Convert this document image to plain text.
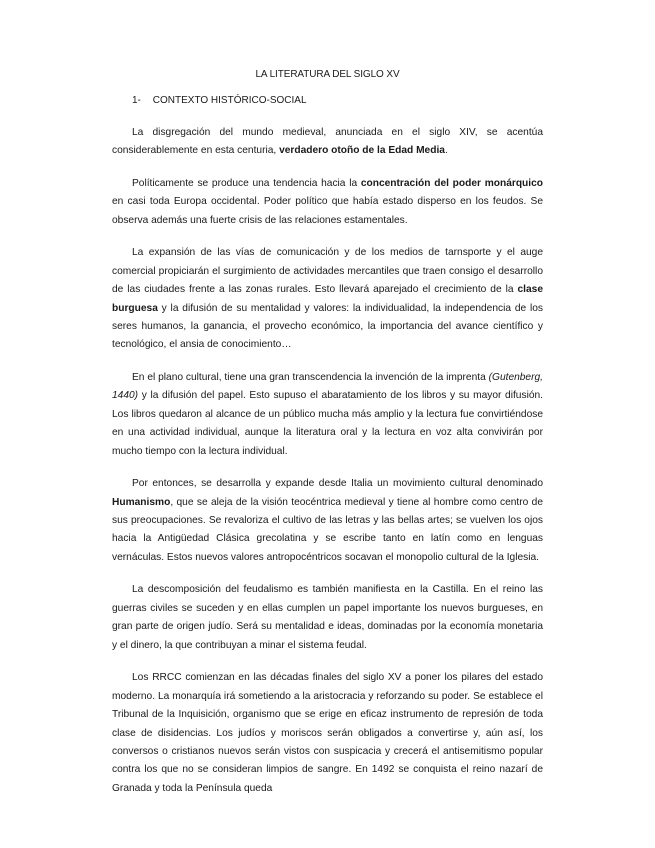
LA LITERATURA DEL SIGLO XV
1- CONTEXTO HISTÓRICO-SOCIAL

La disgregación del mundo medieval, anunciada en el siglo XIV, se acentúa considerablemente en esta centuria, verdadero otoño de la Edad Media.

Políticamente se produce una tendencia hacia la concentración del poder monárquico en casi toda Europa occidental. Poder político que había estado disperso en los feudos. Se observa además una fuerte crisis de las relaciones estamentales.

La expansión de las vías de comunicación y de los medios de tarnsporte y el auge comercial propiciarán el surgimiento de actividades mercantiles que traen consigo el desarrollo de las ciudades frente a las zonas rurales. Esto llevará aparejado el crecimiento de la clase burguesa y la difusión de su mentalidad y valores: la individualidad, la independencia de los seres humanos, la ganancia, el provecho económico, la importancia del avance científico y tecnológico, el ansia de conocimiento…

En el plano cultural, tiene una gran transcendencia la invención de la imprenta (Gutenberg, 1440) y la difusión del papel. Esto supuso el abaratamiento de los libros y su mayor difusión. Los libros quedaron al alcance de un público mucha más amplio y la lectura fue convirtiéndose en una actividad individual, aunque la literatura oral y la lectura en voz alta convivirán por mucho tiempo con la lectura individual.

Por entonces, se desarrolla y expande desde Italia un movimiento cultural denominado Humanismo, que se aleja de la visión teocéntrica medieval y tiene al hombre como centro de sus preocupaciones. Se revaloriza el cultivo de las letras y las bellas artes; se vuelven los ojos hacia la Antigüedad Clásica grecolatina y se escribe tanto en latín como en lenguas vernáculas. Estos nuevos valores antropocéntricos socavan el monopolio cultural de la Iglesia.

La descomposición del feudalismo es también manifiesta en la Castilla. En el reino las guerras civiles se suceden y en ellas cumplen un papel importante los nuevos burgueses, en gran parte de origen judío. Será su mentalidad e ideas, dominadas por la economía monetaria y el dinero, la que contribuyan a minar el sistema feudal.

Los RRCC comienzan en las décadas finales del siglo XV a poner los pilares del estado moderno. La monarquía irá sometiendo a la aristocracia y reforzando su poder. Se establece el Tribunal de la Inquisición, organismo que se erige en eficaz instrumento de represión de toda clase de disidencias. Los judíos y moriscos serán obligados a convertirse y, aún así, los conversos o cristianos nuevos serán vistos con suspicacia y crecerá el antisemitismo popular contra los que no se consideran limpios de sangre. En 1492 se conquista el reino nazarí de Granada y toda la Península queda
